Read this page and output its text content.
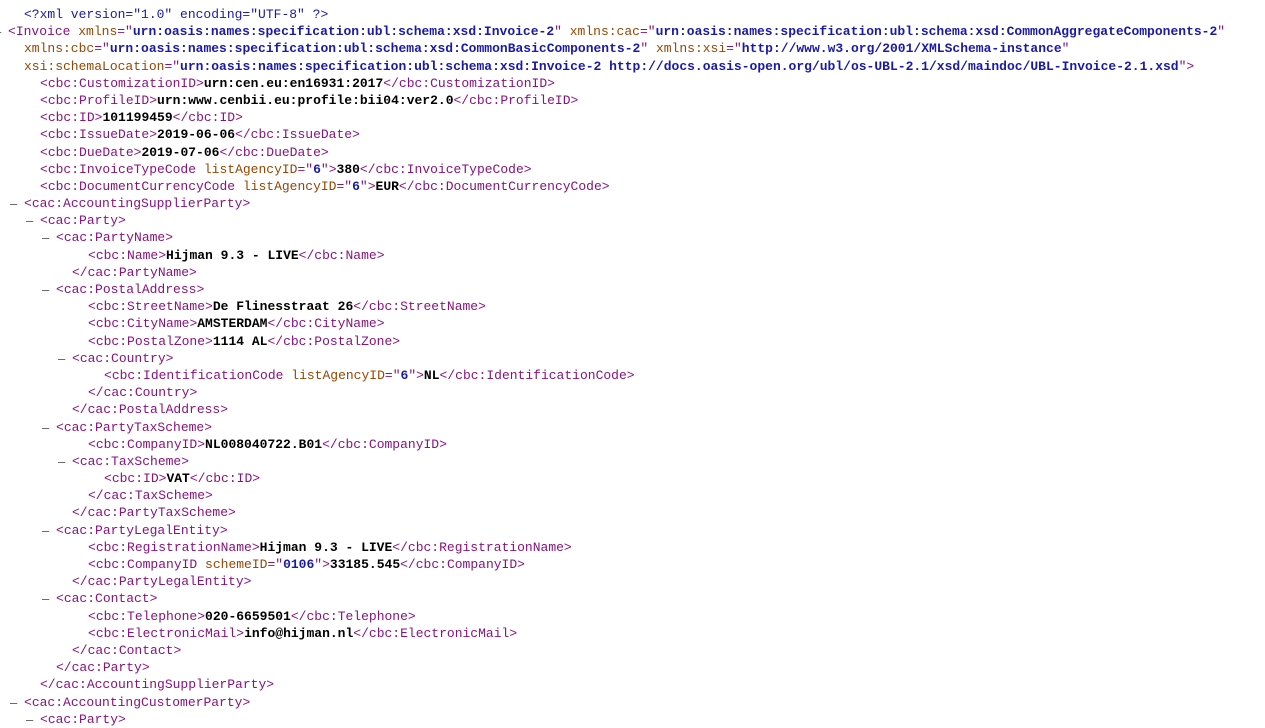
<?xml version="1.0" encoding="UTF-8" ?>
<Invoice xmlns="urn:oasis:names:specification:ubl:schema:xsd:Invoice-2" xmlns:cac="urn:oasis:names:specification:ubl:schema:xsd:CommonAggregateComponents-2"
xmlns:cbc="urn:oasis:names:specification:ubl:schema:xsd:CommonBasicComponents-2" xmlns:xsi="http://www.w3.org/2001/XMLSchema-instance"
xsi:schemaLocation="urn:oasis:names:specification:ubl:schema:xsd:Invoice-2 http://docs.oasis-open.org/ubl/os-UBL-2.1/xsd/maindoc/UBL-Invoice-2.1.xsd">
<cbc:CustomizationID>urn:cen.eu:en16931:2017</cbc:CustomizationID>
<cbc:ProfileID>urn:www.cenbii.eu:profile:bii04:ver2.0</cbc:ProfileID>
<cbc:ID>101199459</cbc:ID>
<cbc:IssueDate>2019-06-06</cbc:IssueDate>
<cbc:DueDate>2019-07-06</cbc:DueDate>
<cbc:InvoiceTypeCode listAgencyID="6">380</cbc:InvoiceTypeCode>
<cbc:DocumentCurrencyCode listAgencyID="6">EUR</cbc:DocumentCurrencyCode>
– <cac:AccountingSupplierParty>
– <cac:Party>
– <cac:PartyName>
<cbc:Name>Hijman 9.3 - LIVE</cbc:Name>
</cac:PartyName>
– <cac:PostalAddress>
<cbc:StreetName>De Flinesstraat 26</cbc:StreetName>
<cbc:CityName>AMSTERDAM</cbc:CityName>
<cbc:PostalZone>1114 AL</cbc:PostalZone>
– <cac:Country>
<cbc:IdentificationCode listAgencyID="6">NL</cbc:IdentificationCode>
</cac:Country>
</cac:PostalAddress>
– <cac:PartyTaxScheme>
<cbc:CompanyID>NL008040722.B01</cbc:CompanyID>
– <cac:TaxScheme>
<cbc:ID>VAT</cbc:ID>
</cac:TaxScheme>
</cac:PartyTaxScheme>
– <cac:PartyLegalEntity>
<cbc:RegistrationName>Hijman 9.3 - LIVE</cbc:RegistrationName>
<cbc:CompanyID schemeID="0106">33185.545</cbc:CompanyID>
</cac:PartyLegalEntity>
– <cac:Contact>
<cbc:Telephone>020-6659501</cbc:Telephone>
<cbc:ElectronicMail>info@hijman.nl</cbc:ElectronicMail>
</cac:Contact>
</cac:Party>
</cac:AccountingSupplierParty>
– <cac:AccountingCustomerParty>
– <cac:Party>
